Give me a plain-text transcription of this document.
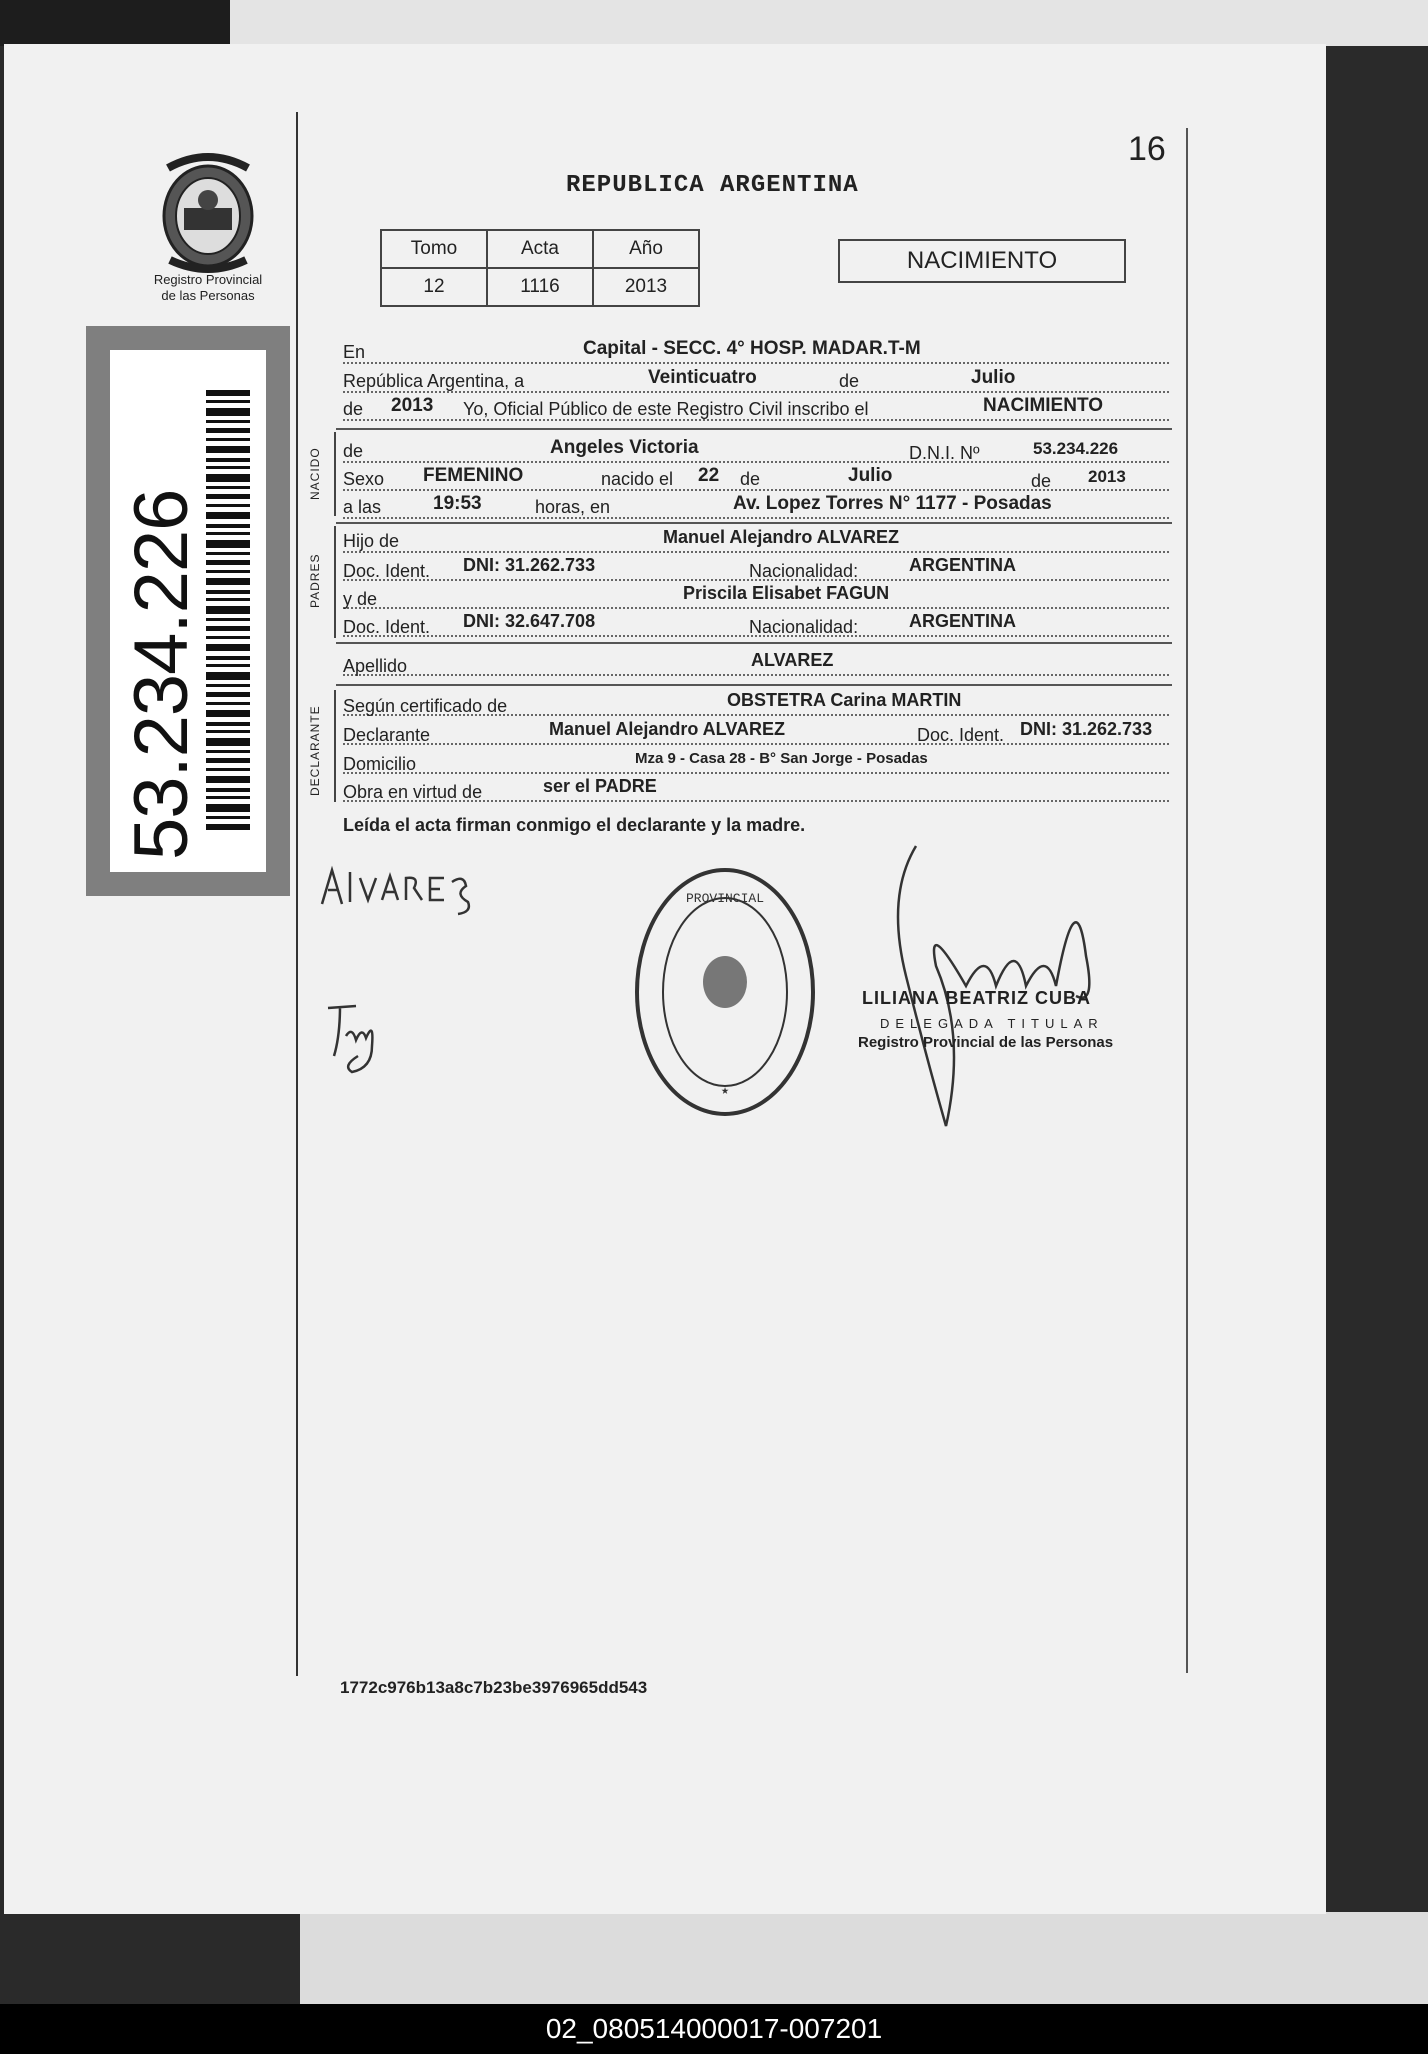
16
Registro Provincial
de las Personas
53.234.226
REPUBLICA ARGENTINA
Tomo	Acta	Año
12	1116	2013
NACIMIENTO
En	Capital - SECC. 4° HOSP. MADAR.T-M
República Argentina, a	Veinticuatro	de	Julio
de 2013 Yo, Oficial Público de este Registro Civil inscribo el	NACIMIENTO
NACIDO de	Angeles Victoria	D.N.I. Nº	53.234.226
Sexo FEMENINO	nacido el 22 de	Julio	de 2013
a las	19:53	horas, en	Av. Lopez Torres N° 1177 - Posadas
PADRES
Hijo de	Manuel Alejandro ALVAREZ
Doc. Ident. DNI: 31.262.733	Nacionalidad:	ARGENTINA
y de	Priscila Elisabet FAGUN
Doc. Ident. DNI: 32.647.708	Nacionalidad:	ARGENTINA
Apellido	ALVAREZ
DECLARANTE Según certificado de	OBSTETRA Carina MARTIN
Declarante	Manuel Alejandro ALVAREZ	Doc. Ident. DNI: 31.262.733
Domicilio	Mza 9 - Casa 28 - B° San Jorge - Posadas
Obra en virtud de	ser el PADRE
Leída el acta firman conmigo el declarante y la madre.
PROVINCIAL
★
LILIANA BEATRIZ CUBA
DELEGADA TITULAR
Registro Provincial de las Personas
1772c976b13a8c7b23be3976965dd543
02_080514000017-007201
